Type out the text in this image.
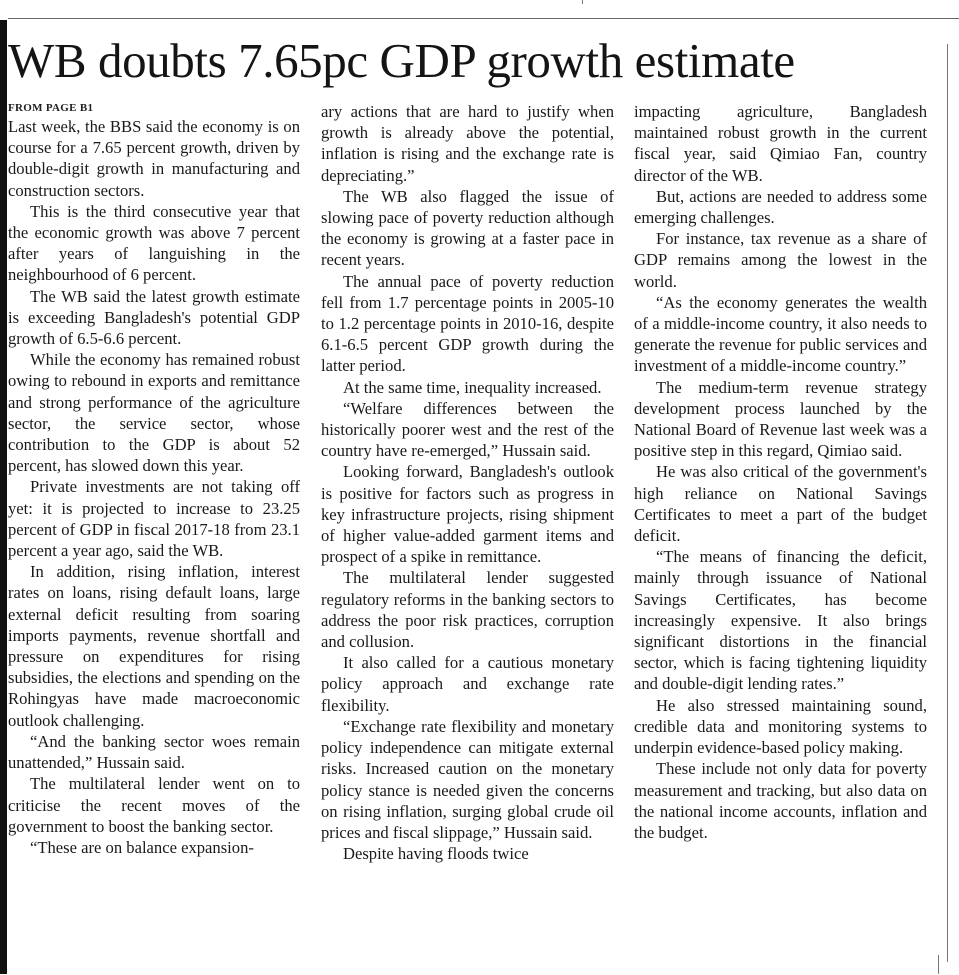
WB doubts 7.65pc GDP growth estimate
FROM PAGE B1

Last week, the BBS said the economy is on course for a 7.65 percent growth, driven by double-digit growth in manufacturing and construction sectors.

This is the third consecutive year that the economic growth was above 7 percent after years of languishing in the neighbourhood of 6 percent.

The WB said the latest growth estimate is exceeding Bangladesh's potential GDP growth of 6.5-6.6 percent.

While the economy has remained robust owing to rebound in exports and remittance and strong performance of the agriculture sector, the service sector, whose contribution to the GDP is about 52 percent, has slowed down this year.

Private investments are not taking off yet: it is projected to increase to 23.25 percent of GDP in fiscal 2017-18 from 23.1 percent a year ago, said the WB.

In addition, rising inflation, interest rates on loans, rising default loans, large external deficit resulting from soaring imports payments, revenue shortfall and pressure on expenditures for rising subsidies, the elections and spending on the Rohingyas have made macroeconomic outlook challenging.

“And the banking sector woes remain unattended,” Hussain said.

The multilateral lender went on to criticise the recent moves of the government to boost the banking sector.

“These are on balance expansion-

ary actions that are hard to justify when growth is already above the potential, inflation is rising and the exchange rate is depreciating.”

The WB also flagged the issue of slowing pace of poverty reduction although the economy is growing at a faster pace in recent years.

The annual pace of poverty reduction fell from 1.7 percentage points in 2005-10 to 1.2 percentage points in 2010-16, despite 6.1-6.5 percent GDP growth during the latter period.

At the same time, inequality increased.

“Welfare differences between the historically poorer west and the rest of the country have re-emerged,” Hussain said.

Looking forward, Bangladesh's outlook is positive for factors such as progress in key infrastructure projects, rising shipment of higher value-added garment items and prospect of a spike in remittance.

The multilateral lender suggested regulatory reforms in the banking sectors to address the poor risk practices, corruption and collusion.

It also called for a cautious monetary policy approach and exchange rate flexibility.

“Exchange rate flexibility and monetary policy independence can mitigate external risks. Increased caution on the monetary policy stance is needed given the concerns on rising inflation, surging global crude oil prices and fiscal slippage,” Hussain said.

Despite having floods twice

impacting agriculture, Bangladesh maintained robust growth in the current fiscal year, said Qimiao Fan, country director of the WB.

But, actions are needed to address some emerging challenges.

For instance, tax revenue as a share of GDP remains among the lowest in the world.

“As the economy generates the wealth of a middle-income country, it also needs to generate the revenue for public services and investment of a middle-income country.”

The medium-term revenue strategy development process launched by the National Board of Revenue last week was a positive step in this regard, Qimiao said.

He was also critical of the government's high reliance on National Savings Certificates to meet a part of the budget deficit.

“The means of financing the deficit, mainly through issuance of National Savings Certificates, has become increasingly expensive. It also brings significant distortions in the financial sector, which is facing tightening liquidity and double-digit lending rates.”

He also stressed maintaining sound, credible data and monitoring systems to underpin evidence-based policy making.

These include not only data for poverty measurement and tracking, but also data on the national income accounts, inflation and the budget.
